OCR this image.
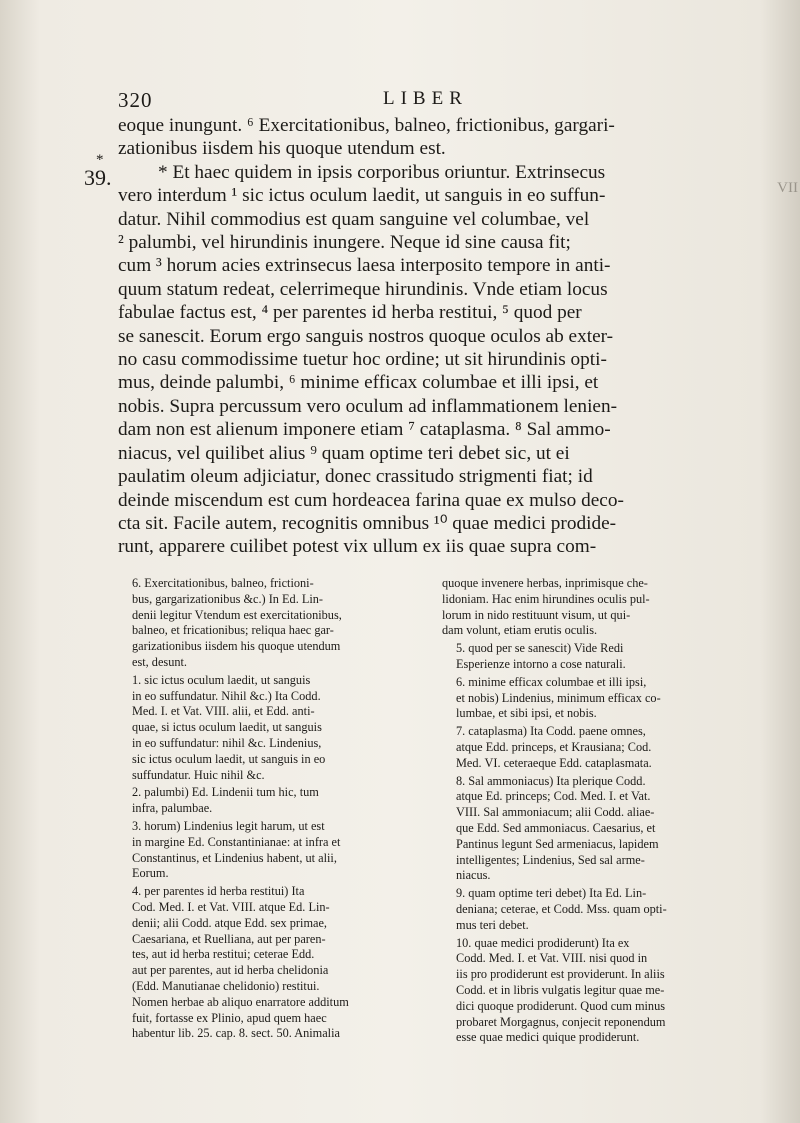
320	LIBER
*
39.	VII
eoque inungunt. ⁶ Exercitationibus, balneo, frictionibus, gargari-
zationibus iisdem his quoque utendum est.
* Et haec quidem in ipsis corporibus oriuntur. Extrinsecus
vero interdum ¹ sic ictus oculum laedit, ut sanguis in eo suffun-
datur. Nihil commodius est quam sanguine vel columbae, vel
² palumbi, vel hirundinis inungere. Neque id sine causa fit;
cum ³ horum acies extrinsecus laesa interposito tempore in anti-
quum statum redeat, celerrimeque hirundinis. Vnde etiam locus
fabulae factus est, ⁴ per parentes id herba restitui, ⁵ quod per
se sanescit. Eorum ergo sanguis nostros quoque oculos ab exter-
no casu commodissime tuetur hoc ordine; ut sit hirundinis opti-
mus, deinde palumbi, ⁶ minime efficax columbae et illi ipsi, et
nobis. Supra percussum vero oculum ad inflammationem lenien-
dam non est alienum imponere etiam ⁷ cataplasma. ⁸ Sal ammo-
niacus, vel quilibet alius ⁹ quam optime teri debet sic, ut ei
paulatim oleum adjiciatur, donec crassitudo strigmenti fiat; id
deinde miscendum est cum hordeacea farina quae ex mulso deco-
cta sit. Facile autem, recognitis omnibus ¹⁰ quae medici prodide-
runt, apparere cuilibet potest vix ullum ex iis quae supra com-

6. Exercitationibus, balneo, frictioni-
bus, gargarizationibus &c.) In Ed. Lin-
denii legitur Vtendum est exercitationibus,
balneo, et fricationibus; reliqua haec gar-
garizationibus iisdem his quoque utendum
est, desunt.

1. sic ictus oculum laedit, ut sanguis
in eo suffundatur. Nihil &c.) Ita Codd.
Med. I. et Vat. VIII. alii, et Edd. anti-
quae, si ictus oculum laedit, ut sanguis
in eo suffundatur: nihil &c. Lindenius,
sic ictus oculum laedit, ut sanguis in eo
suffundatur. Huic nihil &c.

2. palumbi) Ed. Lindenii tum hic, tum
infra, palumbae.

3. horum) Lindenius legit harum, ut est
in margine Ed. Constantinianae: at infra et
Constantinus, et Lindenius habent, ut alii,
Eorum.

4. per parentes id herba restitui) Ita
Cod. Med. I. et Vat. VIII. atque Ed. Lin-
denii; alii Codd. atque Edd. sex primae,
Caesariana, et Ruelliana, aut per paren-
tes, aut id herba restitui; ceterae Edd.
aut per parentes, aut id herba chelidonia
(Edd. Manutianae chelidonio) restitui.
Nomen herbae ab aliquo enarratore additum
fuit, fortasse ex Plinio, apud quem haec
habentur lib. 25. cap. 8. sect. 50. Animalia

quoque invenere herbas, inprimisque che-
lidoniam. Hac enim hirundines oculis pul-
lorum in nido restituunt visum, ut qui-
dam volunt, etiam erutis oculis.

5. quod per se sanescit) Vide Redi
Esperienze intorno a cose naturali.

6. minime efficax columbae et illi ipsi,
et nobis) Lindenius, minimum efficax co-
lumbae, et sibi ipsi, et nobis.

7. cataplasma) Ita Codd. paene omnes,
atque Edd. princeps, et Krausiana; Cod.
Med. VI. ceteraeque Edd. cataplasmata.

8. Sal ammoniacus) Ita plerique Codd.
atque Ed. princeps; Cod. Med. I. et Vat.
VIII. Sal ammoniacum; alii Codd. aliae-
que Edd. Sed ammoniacus. Caesarius, et
Pantinus legunt Sed armeniacus, lapidem
intelligentes; Lindenius, Sed sal arme-
niacus.

9. quam optime teri debet) Ita Ed. Lin-
deniana; ceterae, et Codd. Mss. quam opti-
mus teri debet.

10. quae medici prodiderunt) Ita ex
Codd. Med. I. et Vat. VIII. nisi quod in
iis pro prodiderunt est providerunt. In aliis
Codd. et in libris vulgatis legitur quae me-
dici quoque prodiderunt. Quod cum minus
probaret Morgagnus, conjecit reponendum
esse quae medici quique prodiderunt.
